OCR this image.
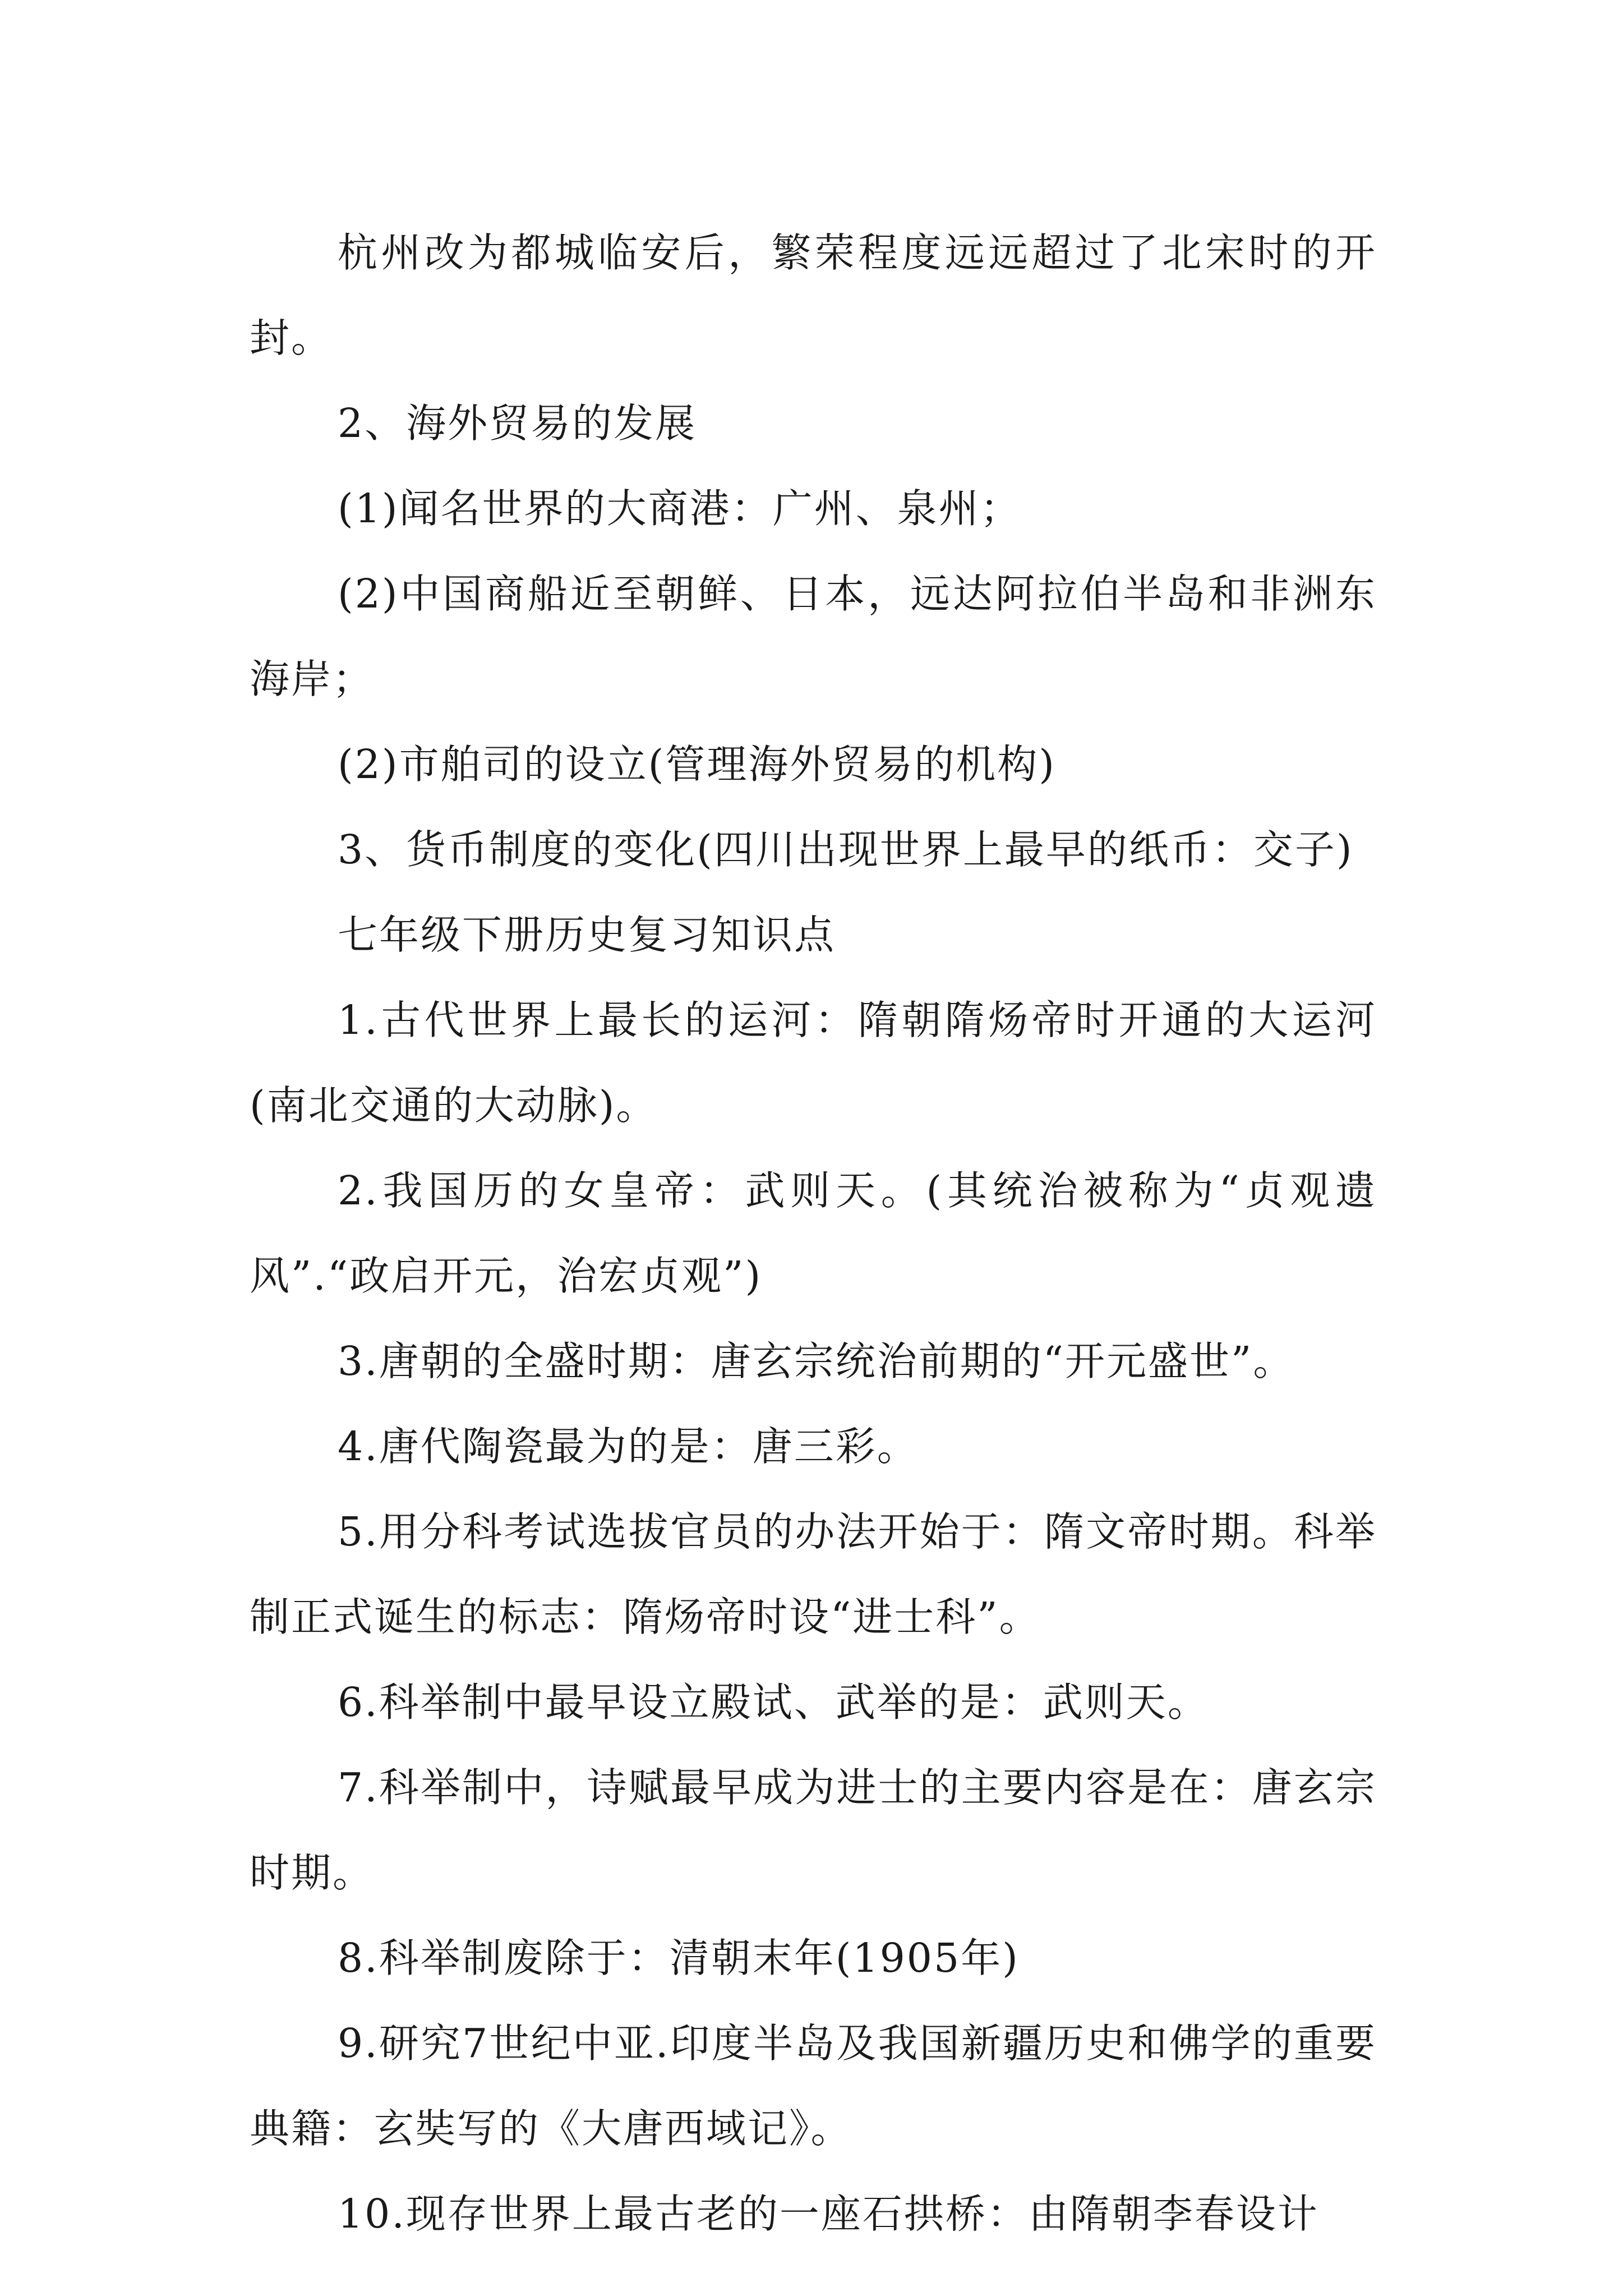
杭州改为都城临安后，繁荣程度远远超过了北宋时的开封。

2、海外贸易的发展

(1)闻名世界的大商港：广州、泉州；

(2)中国商船近至朝鲜、日本，远达阿拉伯半岛和非洲东海岸；

(2)市舶司的设立(管理海外贸易的机构)

3、货币制度的变化(四川出现世界上最早的纸币：交子)

七年级下册历史复习知识点

1.古代世界上最长的运河：隋朝隋炀帝时开通的大运河(南北交通的大动脉)。

2.我国历的女皇帝：武则天。(其统治被称为“贞观遗风”.“政启开元，治宏贞观”)

3.唐朝的全盛时期：唐玄宗统治前期的“开元盛世”。

4.唐代陶瓷最为的是：唐三彩。

5.用分科考试选拔官员的办法开始于：隋文帝时期。科举制正式诞生的标志：隋炀帝时设“进士科”。

6.科举制中最早设立殿试、武举的是：武则天。

7.科举制中，诗赋最早成为进士的主要内容是在：唐玄宗时期。

8.科举制废除于：清朝末年(1905年)

9.研究7世纪中亚.印度半岛及我国新疆历史和佛学的重要典籍：玄奘写的《大唐西域记》。

10.现存世界上最古老的一座石拱桥：由隋朝李春设计
